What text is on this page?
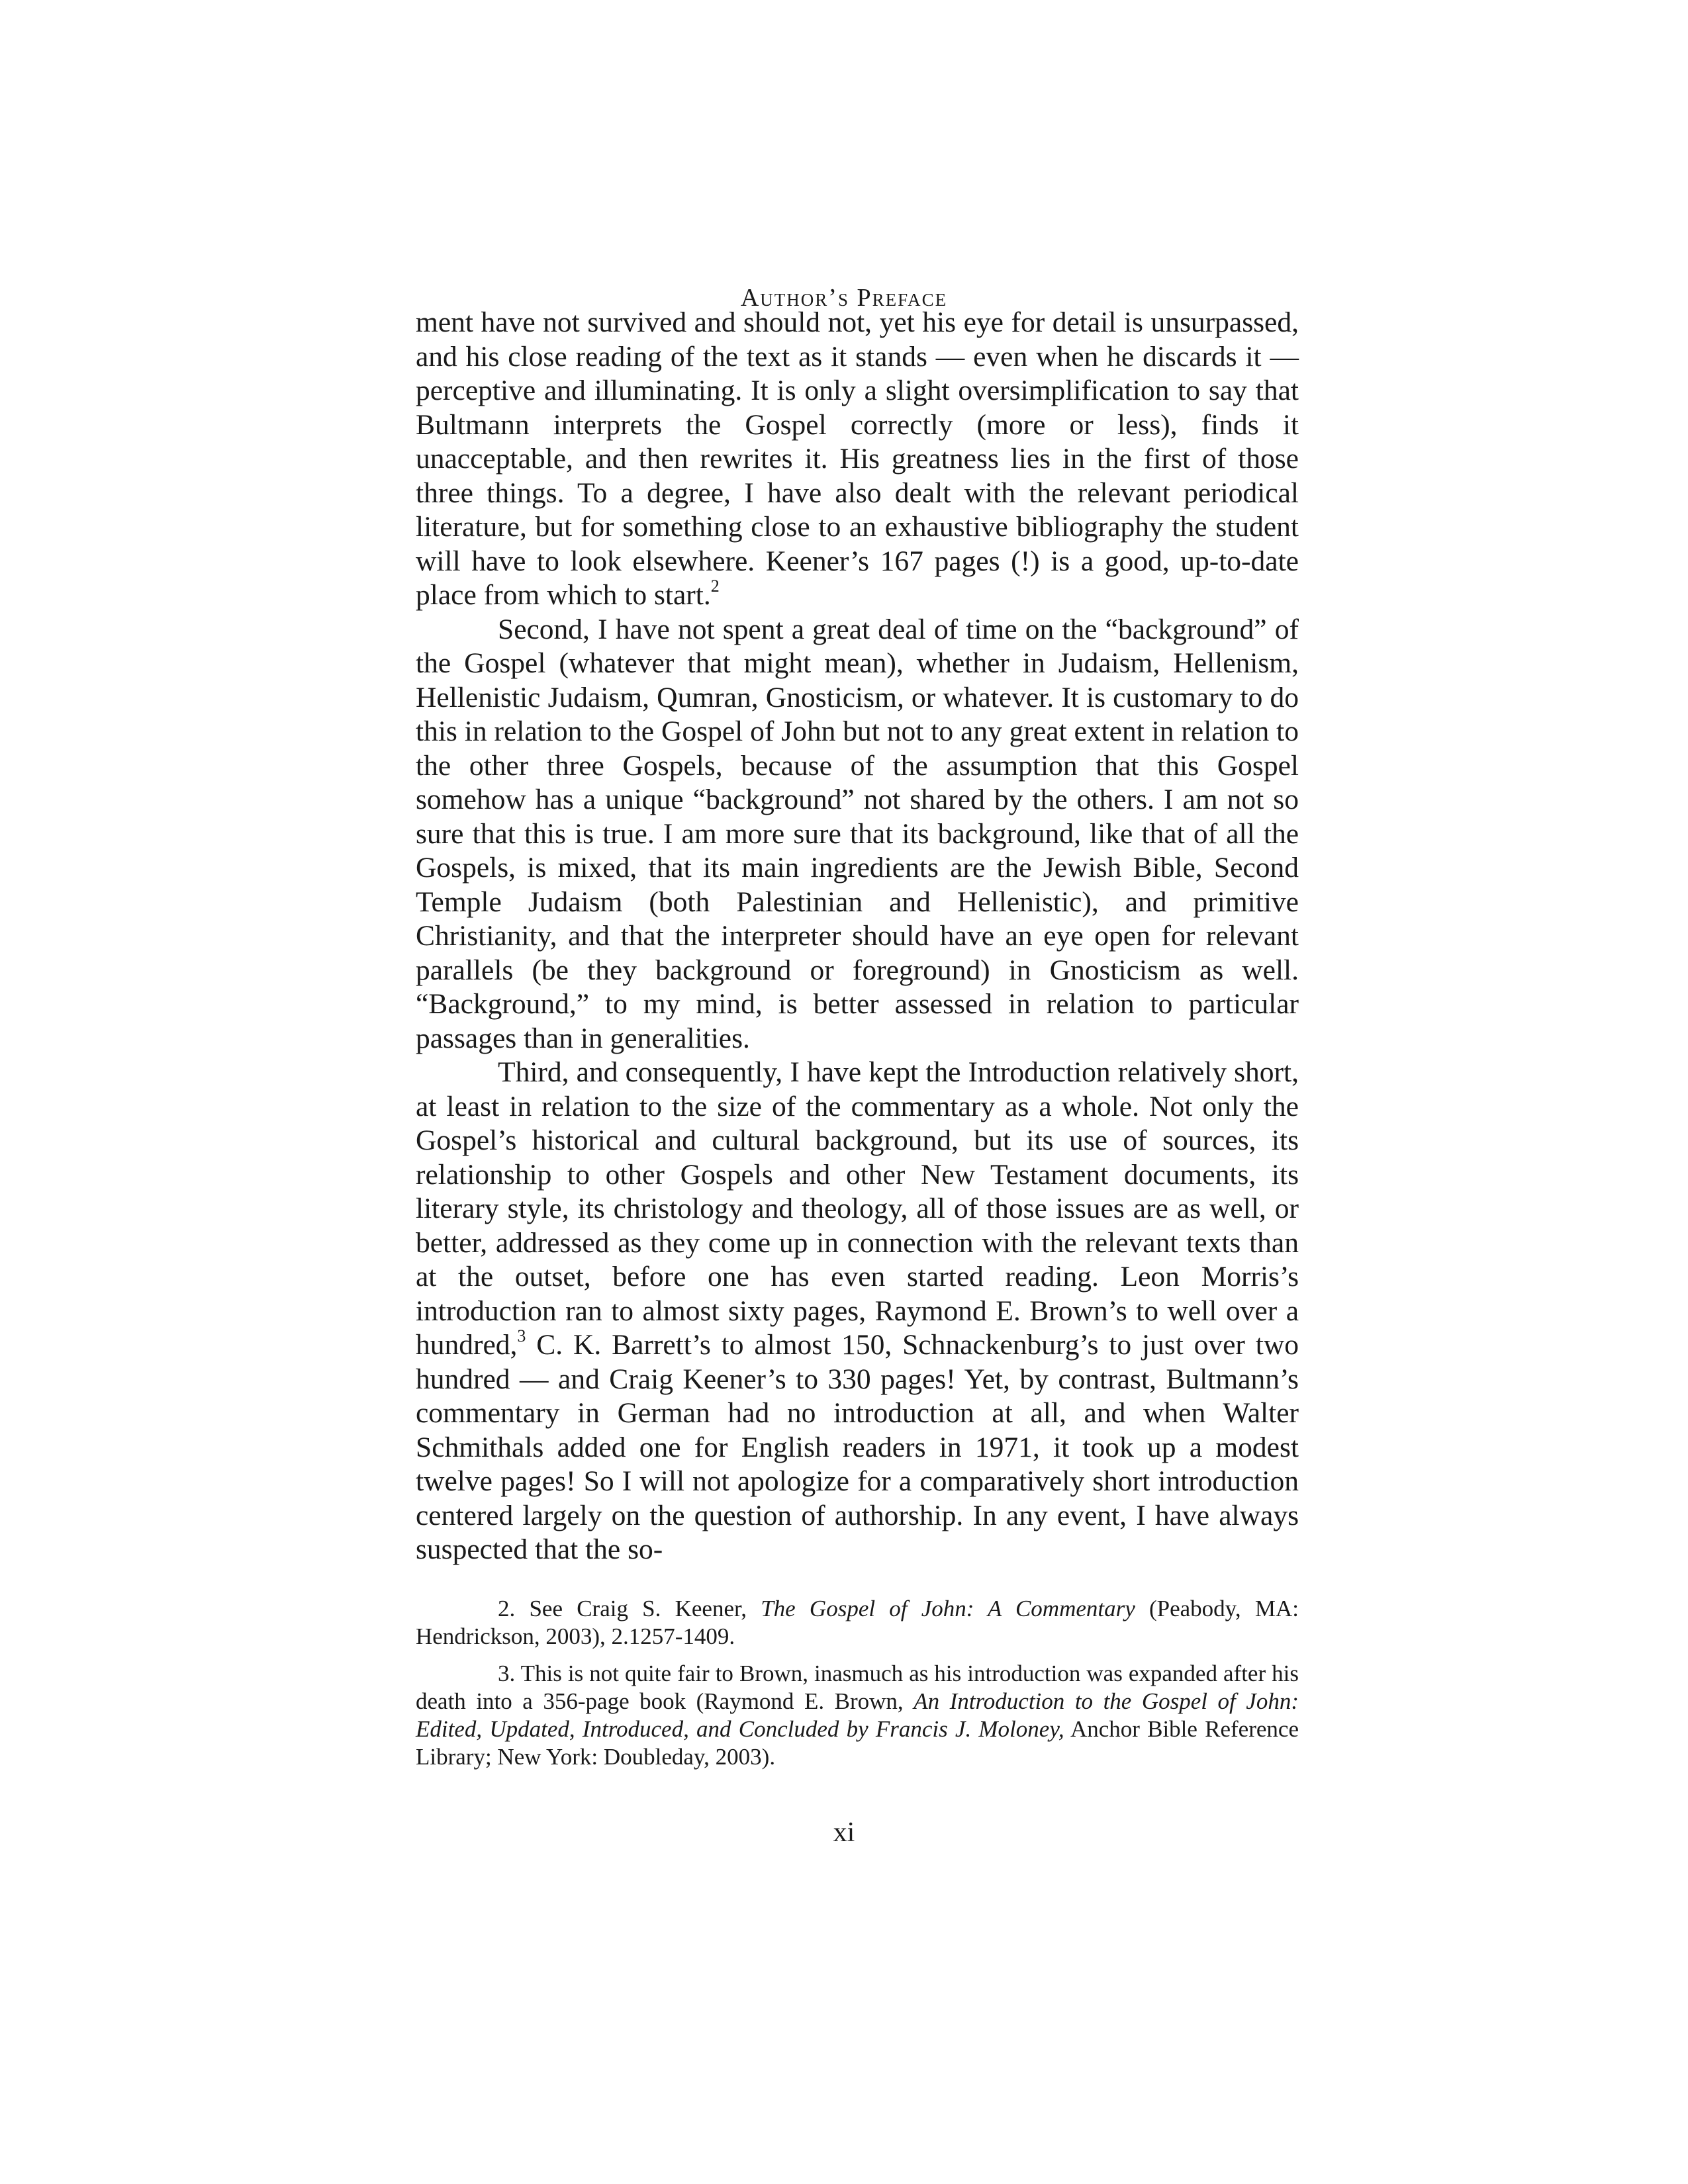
Author’s Preface

ment have not survived and should not, yet his eye for detail is unsurpassed, and his close reading of the text as it stands — even when he discards it — perceptive and illuminating. It is only a slight oversimplification to say that Bultmann interprets the Gospel correctly (more or less), finds it unacceptable, and then rewrites it. His greatness lies in the first of those three things. To a degree, I have also dealt with the relevant periodical literature, but for something close to an exhaustive bibliography the student will have to look elsewhere. Keener’s 167 pages (!) is a good, up-to-date place from which to start.$^2$

Second, I have not spent a great deal of time on the “background” of the Gospel (whatever that might mean), whether in Judaism, Hellenism, Hellenistic Judaism, Qumran, Gnosticism, or whatever. It is customary to do this in relation to the Gospel of John but not to any great extent in relation to the other three Gospels, because of the assumption that this Gospel somehow has a unique “background” not shared by the others. I am not so sure that this is true. I am more sure that its background, like that of all the Gospels, is mixed, that its main ingredients are the Jewish Bible, Second Temple Judaism (both Palestinian and Hellenistic), and primitive Christianity, and that the interpreter should have an eye open for relevant parallels (be they background or foreground) in Gnosticism as well. “Background,” to my mind, is better assessed in relation to particular passages than in generalities.

Third, and consequently, I have kept the Introduction relatively short, at least in relation to the size of the commentary as a whole. Not only the Gospel’s historical and cultural background, but its use of sources, its relationship to other Gospels and other New Testament documents, its literary style, its christology and theology, all of those issues are as well, or better, addressed as they come up in connection with the relevant texts than at the outset, before one has even started reading. Leon Morris’s introduction ran to almost sixty pages, Raymond E. Brown’s to well over a hundred,$^3$ C. K. Barrett’s to almost 150, Schnackenburg’s to just over two hundred — and Craig Keener’s to 330 pages! Yet, by contrast, Bultmann’s commentary in German had no introduction at all, and when Walter Schmithals added one for English readers in 1971, it took up a modest twelve pages! So I will not apologize for a comparatively short introduction centered largely on the question of authorship. In any event, I have always suspected that the so-

2. See Craig S. Keener, The Gospel of John: A Commentary (Peabody, MA: Hendrickson, 2003), 2.1257-1409.

3. This is not quite fair to Brown, inasmuch as his introduction was expanded after his death into a 356-page book (Raymond E. Brown, An Introduction to the Gospel of John: Edited, Updated, Introduced, and Concluded by Francis J. Moloney, Anchor Bible Reference Library; New York: Doubleday, 2003).

xi
